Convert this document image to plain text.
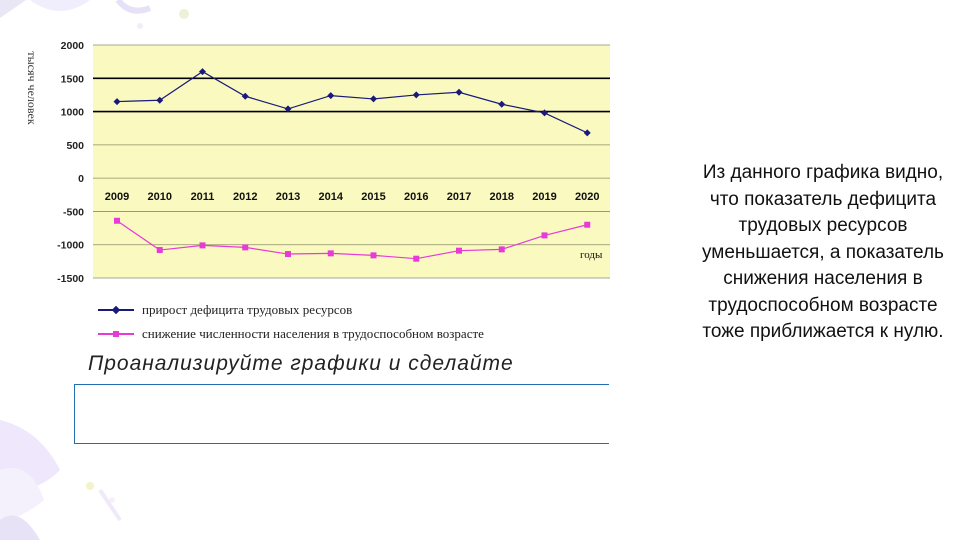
тысяч человек
2000
1500
1000
500
0
-500
-1000
-1500
2009 2010 2011 2012 2013 2014 2015 2016 2017 2018 2019 2020
годы
прирост дефицита трудовых ресурсов
снижение численности населения в трудоспособном возрасте
Проанализируйте графики и сделайте
Из данного графика видно, что показатель дефицита трудовых ресурсов уменьшается, а показатель снижения населения в трудоспособном возрасте тоже приближается к нулю.
